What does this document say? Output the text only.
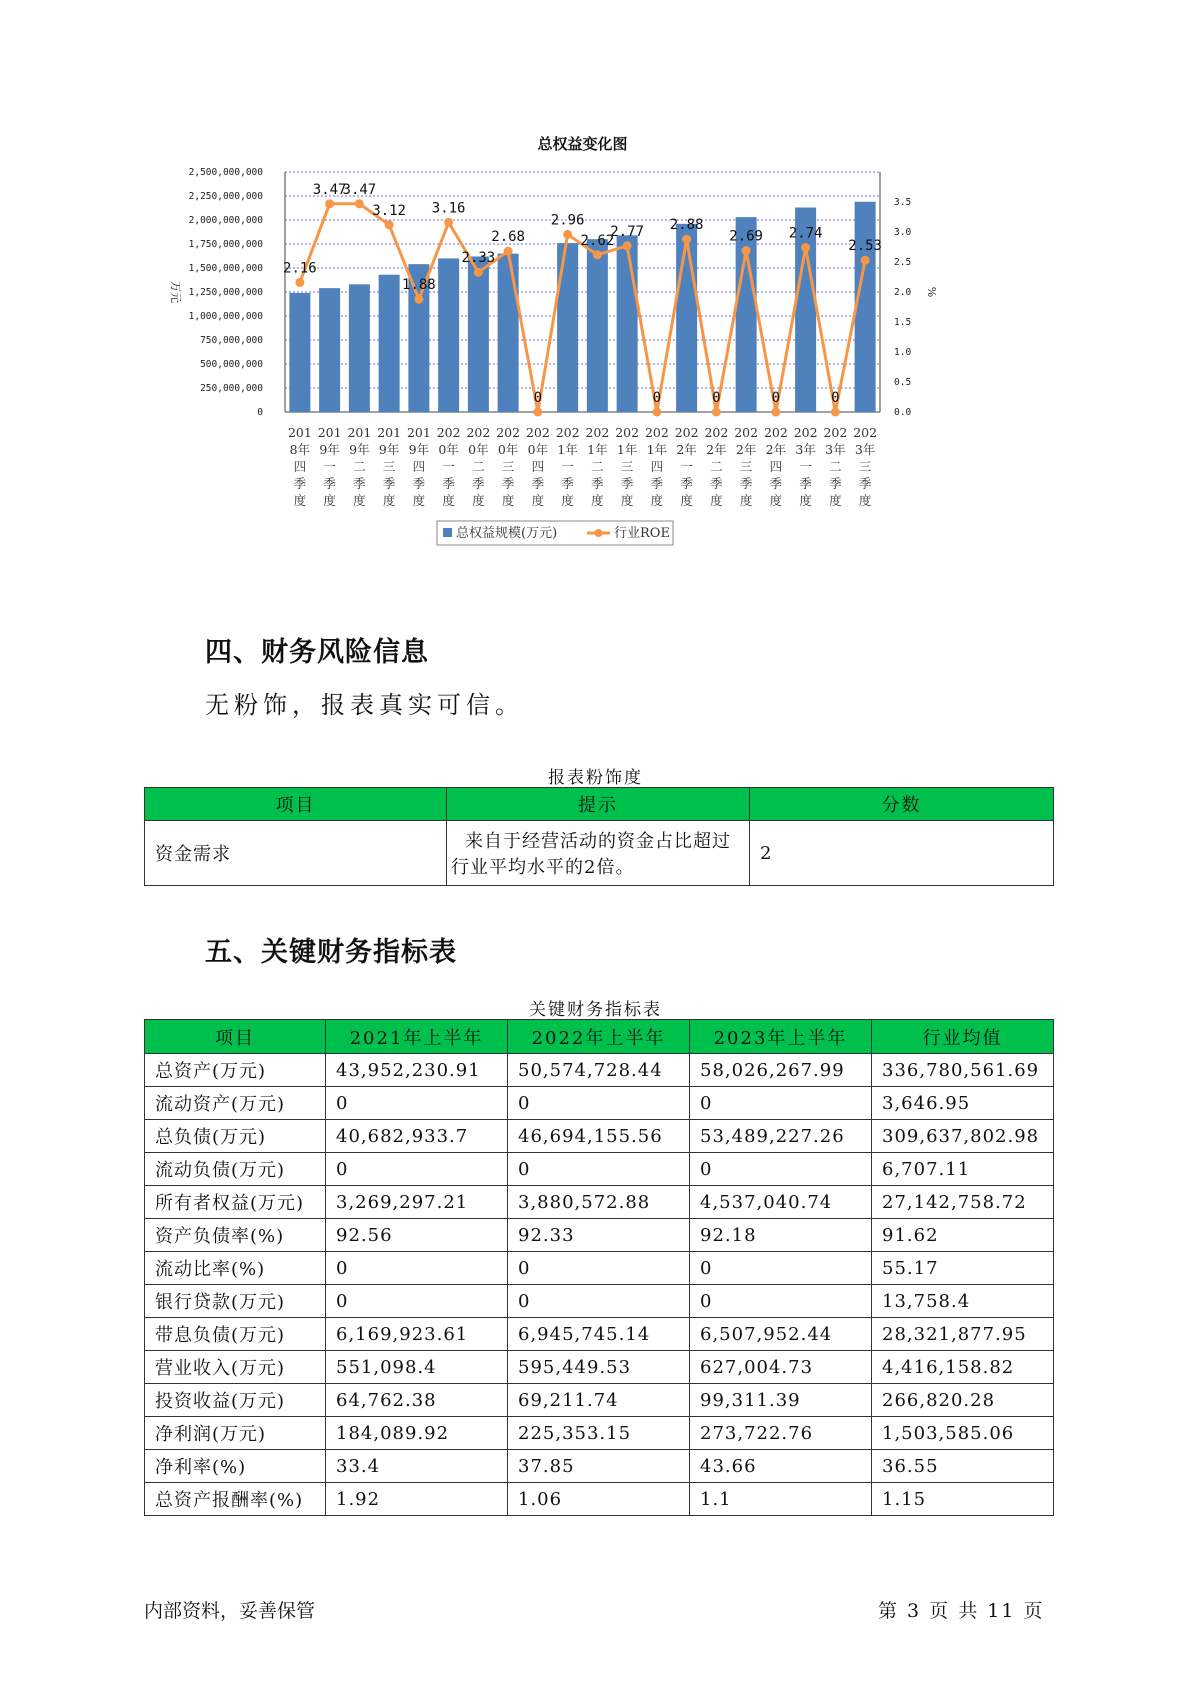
总权益变化图
0
250,000,000
500,000,000
750,000,000
1,000,000,000
1,250,000,000
1,500,000,000
1,750,000,000
2,000,000,000
2,250,000,000
2,500,000,000
0.0
0.5
1.0
1.5
2.0
2.5
3.0
3.5
万元	%
2.16
3.47
3.47
3.12
1.88
3.16
2.33
2.68
0
2.96
2.62
2.77
0
2.88
0
2.69
0
2.74
0
2.53
201
8年
四
季
度
201
9年
一
季
度
201
9年
二
季
度
201
9年
三
季
度
201
9年
四
季
度
202
0年
一
季
度
202
0年
二
季
度
202
0年
三
季
度
202
0年
四
季
度
202
1年
一
季
度
202
1年
二
季
度
202
1年
三
季
度
202
1年
四
季
度
202
2年
一
季
度
202
2年
二
季
度
202
2年
三
季
度
202
2年
四
季
度
202
3年
一
季
度
202
3年
二
季
度
202
3年
三
季
度
总权益规模(万元)	行业ROE
四、财务风险信息
无粉饰，报表真实可信。
报表粉饰度
项目	提示	分数
资金需求	来自于经营活动的资金占比超过
行业平均水平的2倍。	2
五、关键财务指标表
关键财务指标表
项目	2021年上半年	2022年上半年	2023年上半年	行业均值
总资产(万元)	43,952,230.91	50,574,728.44	58,026,267.99	336,780,561.69
流动资产(万元)	0	0	0	3,646.95
总负债(万元)	40,682,933.7	46,694,155.56	53,489,227.26	309,637,802.98
流动负债(万元)	0	0	0	6,707.11
所有者权益(万元)	3,269,297.21	3,880,572.88	4,537,040.74	27,142,758.72
资产负债率(%)	92.56	92.33	92.18	91.62
流动比率(%)	0	0	0	55.17
银行贷款(万元)	0	0	0	13,758.4
带息负债(万元)	6,169,923.61	6,945,745.14	6,507,952.44	28,321,877.95
营业收入(万元)	551,098.4	595,449.53	627,004.73	4,416,158.82
投资收益(万元)	64,762.38	69,211.74	99,311.39	266,820.28
净利润(万元)	184,089.92	225,353.15	273,722.76	1,503,585.06
净利率(%)	33.4	37.85	43.66	36.55
总资产报酬率(%)	1.92	1.06	1.1	1.15
内部资料，妥善保管	第 3 页 共 11 页
